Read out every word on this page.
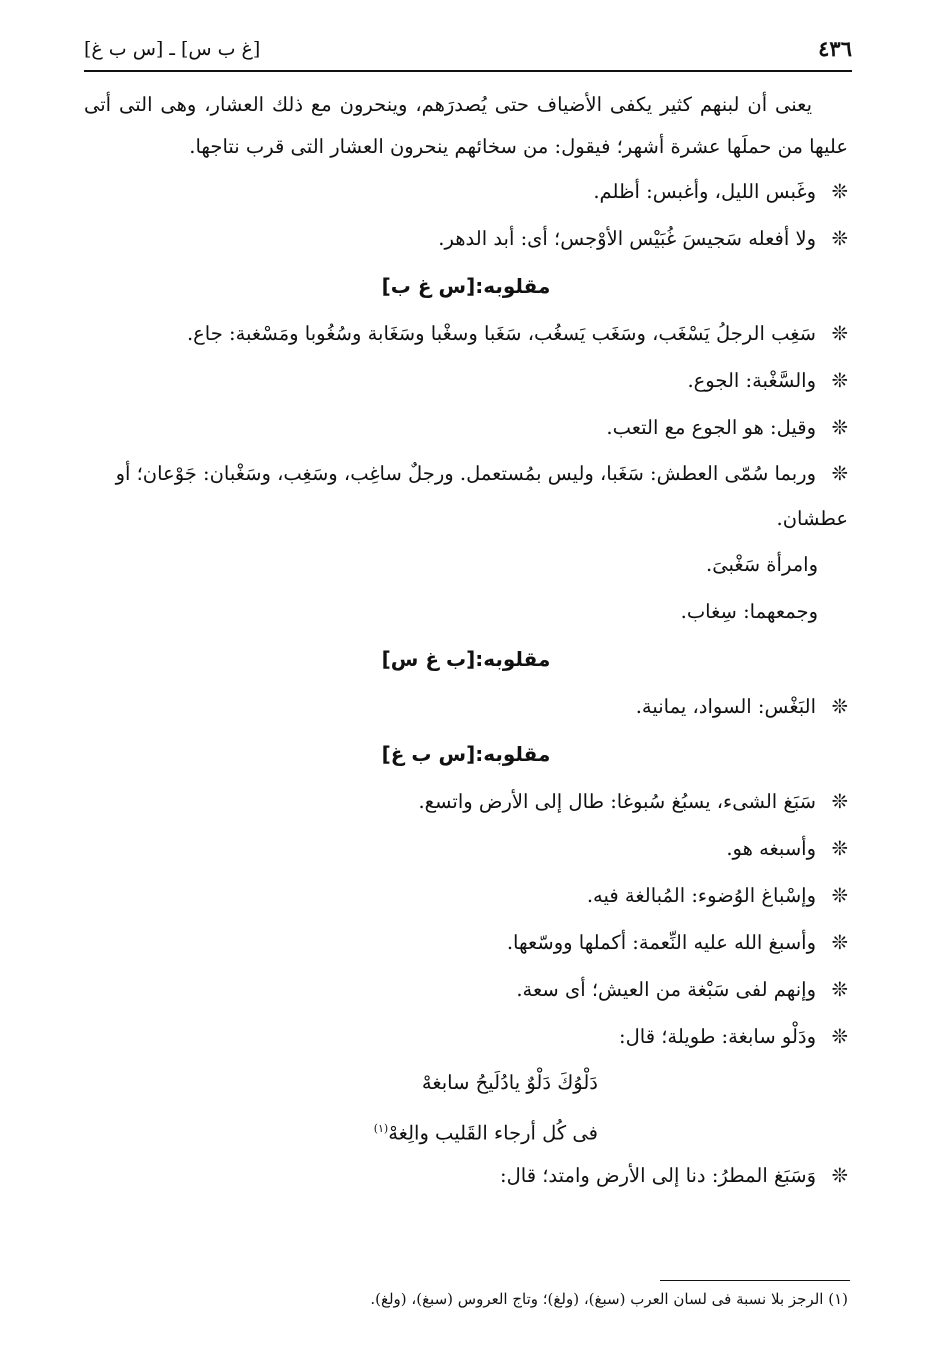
٤٣٦
[غ ب س] ـ [س ب غ]

يعنى أن لبنهم كثير يكفى الأضياف حتى يُصدرَهم، وينحرون مع ذلك العشار، وهى التى أتى عليها من حملَها عشرة أشهر؛ فيقول: من سخائهم ينحرون العشار التى قرب نتاجها.

❊وغَبس الليل، وأغبس: أظلم.
❊ولا أفعله سَجيسَ غُبَيْس الأوْجس؛ أى: أبد الدهر.
مقلوبه:[س غ ب]
❊سَغِب الرجلُ يَسْغَب، وسَغَب يَسغُب، سَغَبا وسغْبا وسَغَابة وسُغُوبا ومَسْغبة: جاع.
❊والسَّغْبة: الجوع.
❊وقيل: هو الجوع مع التعب.
❊وربما سُمّى العطش: سَغَبا، وليس بمُستعمل. ورجلٌ ساغِب، وسَغِب، وسَغْبان: جَوْعان؛ أو عطشان.
وامرأة سَغْبىَ.
وجمعهما: سِغاب.
مقلوبه:[ب غ س]
❊البَغْس: السواد، يمانية.
مقلوبه:[س ب غ]
❊سَبَغ الشىء، يسبُغ سُبوغا: طال إلى الأرض واتسع.
❊وأسبغه هو.
❊وإسْباغ الوُضوء: المُبالغة فيه.
❊وأسبغ الله عليه النِّعمة: أكملها ووسّعها.
❊وإنهم لفى سَبْغة من العيش؛ أى سعة.
❊ودَلْو سابغة: طويلة؛ قال:
دَلْوُكَ دَلْوٌ يادُلَيحُ سابغهْ
فى كُل أرجاء القَليب والِغهْ$^{(١)}$
❊وَسَبَغ المطرُ: دنا إلى الأرض وامتد؛ قال:
(١) الرجز بلا نسبة فى لسان العرب (سبغ)، (ولغ)؛ وتاج العروس (سبغ)، (ولغ).
